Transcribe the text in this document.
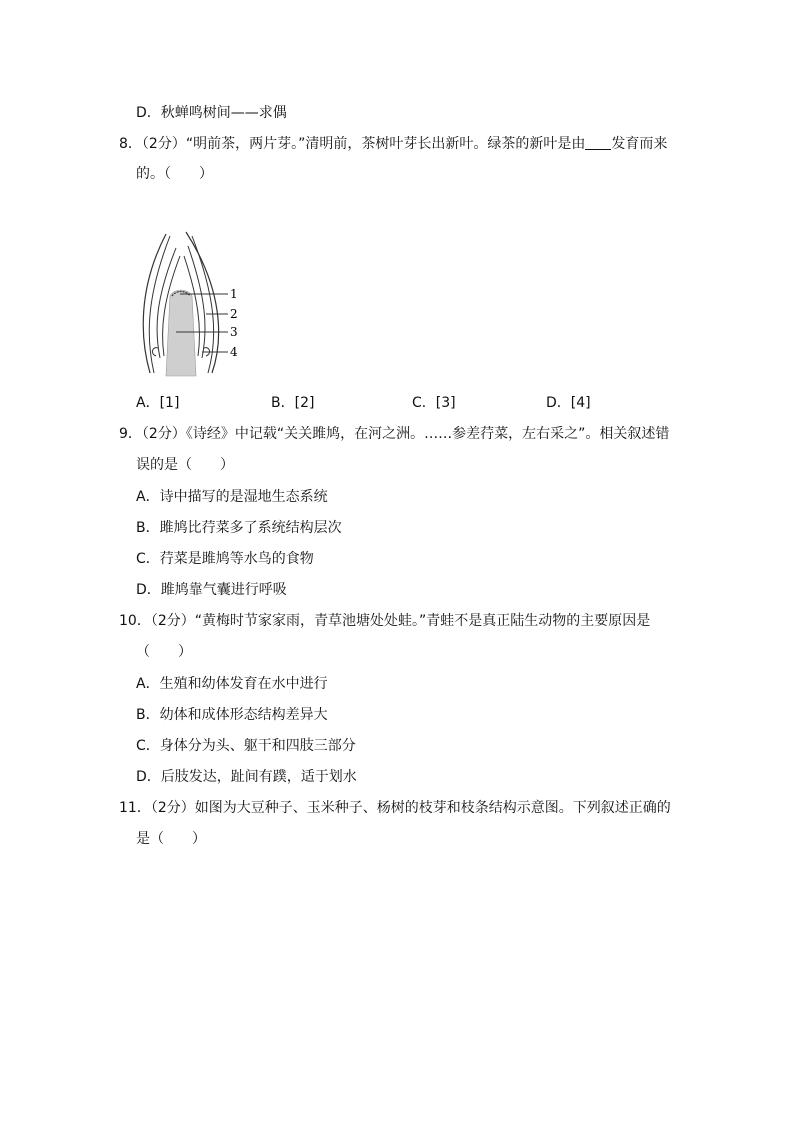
D．秋蝉鸣树间——求偶
8．（2分）“明前茶，两片芽。”清明前，茶树叶芽长出新叶。绿茶的新叶是由 发育而来
的。（　　）
1
2
3
4
A．[1]	B．[2]	C．[3]	D．[4]
9．（2分）《诗经》中记载“关关雎鸠，在河之洲。……参差荇菜，左右采之”。相关叙述错
误的是（　　）
A．诗中描写的是湿地生态系统
B．雎鸠比荇菜多了系统结构层次
C．荇菜是雎鸠等水鸟的食物
D．雎鸠靠气囊进行呼吸
10．（2分）“黄梅时节家家雨，青草池塘处处蛙。”青蛙不是真正陆生动物的主要原因是
（　　）
A．生殖和幼体发育在水中进行
B．幼体和成体形态结构差异大
C．身体分为头、躯干和四肢三部分
D．后肢发达，趾间有蹼，适于划水
11．（2分）如图为大豆种子、玉米种子、杨树的枝芽和枝条结构示意图。下列叙述正确的
是（　　）
